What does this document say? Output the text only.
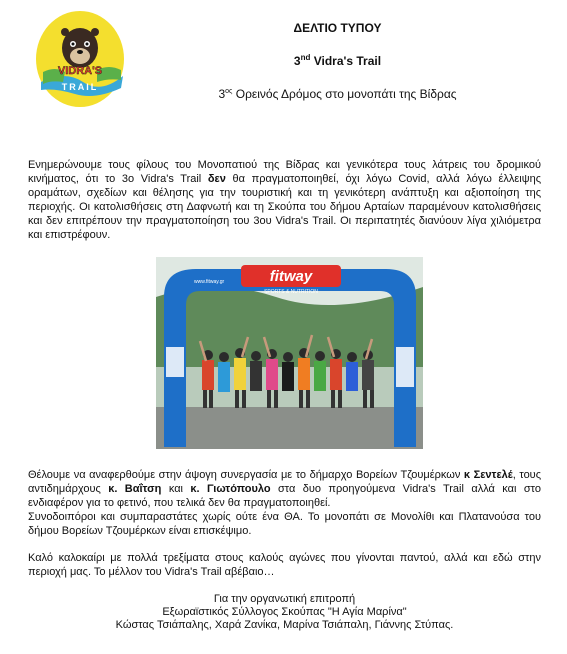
VIDRA'S
TRAIL
ΔΕΛΤΙΟ ΤΥΠΟΥ
3nd Vidra's Trail
$3^{o\varsigma}$ Ορεινός Δρόμος στο μονοπάτι της Βίδρας
Ενημερώνουμε τους φίλους του Μονοπατιού της Βίδρας και γενικότερα τους λάτρεις του δρομικού κινήματος, ότι το 3ο Vidra's Trail δεν θα πραγματοποιηθεί, όχι λόγω Covid, αλλά λόγω έλλειψης οραμάτων, σχεδίων και θέλησης για την τουριστική και τη γενικότερη ανάπτυξη και αξιοποίηση της περιοχής. Οι κατολισθήσεις στη Δαφνωτή και τη Σκούπα του δήμου Αρταίων παραμένουν κατολισθήσεις και δεν επιτρέπουν την πραγματοποίηση του 3ου Vidra's Trail. Οι περιπατητές διανύουν λίγα χιλιόμετρα και επιστρέφουν.
fitway
SPORTS & NUTRITION
www.fitway.gr
Θέλουμε να αναφερθούμε στην άψογη συνεργασία με το δήμαρχο Βορείων Τζουμέρκων κ Σεντελέ, τους αντιδημάρχους κ. Βαΐτση και κ. Γιωτόπουλο στα δυο προηγούμενα Vidra's Trail αλλά και στο ενδιαφέρον για το φετινό, που τελικά δεν θα πραγματοποιηθεί.
Συνοδοιπόροι και συμπαραστάτες χωρίς ούτε ένα ΘΑ. Το μονοπάτι σε Μονολίθι και Πλατανούσα του δήμου Βορείων Τζουμέρκων είναι επισκέψιμο.
Καλό καλοκαίρι με πολλά τρεξίματα στους καλούς αγώνες που γίνονται παντού, αλλά και εδώ στην περιοχή μας. Το μέλλον του Vidra's Trail αβέβαιο…
Για την οργανωτική επιτροπή
Εξωραϊστικός Σύλλογος Σκούπας "Η Αγία Μαρίνα"
Κώστας Τσιάπαλης, Χαρά Ζανίκα, Μαρίνα Τσιάπαλη, Γιάννης Στύπας.
